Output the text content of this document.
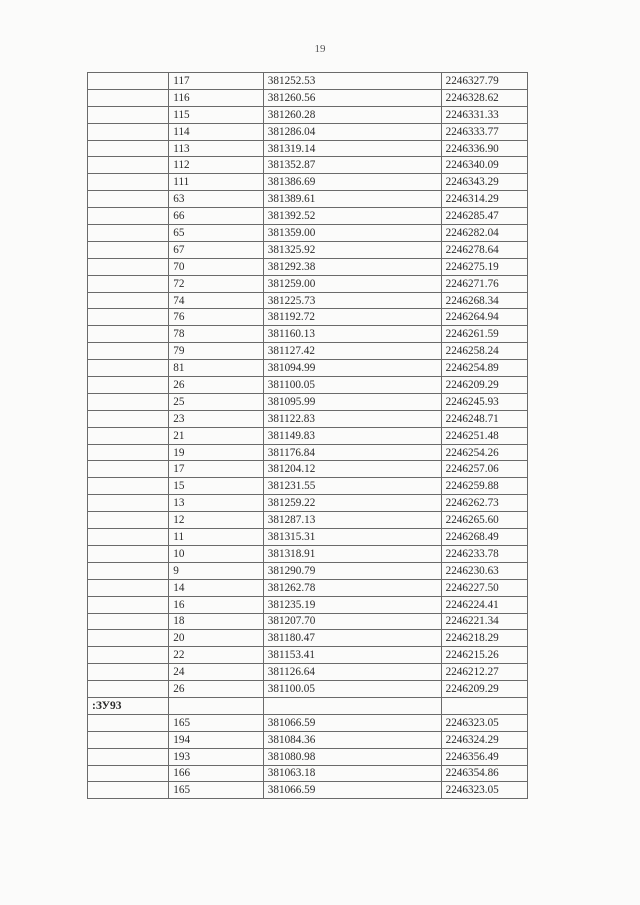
19
	117	381252.53	2246327.79
	116	381260.56	2246328.62
	115	381260.28	2246331.33
	114	381286.04	2246333.77
	113	381319.14	2246336.90
	112	381352.87	2246340.09
	111	381386.69	2246343.29
	63	381389.61	2246314.29
	66	381392.52	2246285.47
	65	381359.00	2246282.04
	67	381325.92	2246278.64
	70	381292.38	2246275.19
	72	381259.00	2246271.76
	74	381225.73	2246268.34
	76	381192.72	2246264.94
	78	381160.13	2246261.59
	79	381127.42	2246258.24
	81	381094.99	2246254.89
	26	381100.05	2246209.29
	25	381095.99	2246245.93
	23	381122.83	2246248.71
	21	381149.83	2246251.48
	19	381176.84	2246254.26
	17	381204.12	2246257.06
	15	381231.55	2246259.88
	13	381259.22	2246262.73
	12	381287.13	2246265.60
	11	381315.31	2246268.49
	10	381318.91	2246233.78
	9	381290.79	2246230.63
	14	381262.78	2246227.50
	16	381235.19	2246224.41
	18	381207.70	2246221.34
	20	381180.47	2246218.29
	22	381153.41	2246215.26
	24	381126.64	2246212.27
	26	381100.05	2246209.29
:ЗУ93			
	165	381066.59	2246323.05
	194	381084.36	2246324.29
	193	381080.98	2246356.49
	166	381063.18	2246354.86
	165	381066.59	2246323.05
